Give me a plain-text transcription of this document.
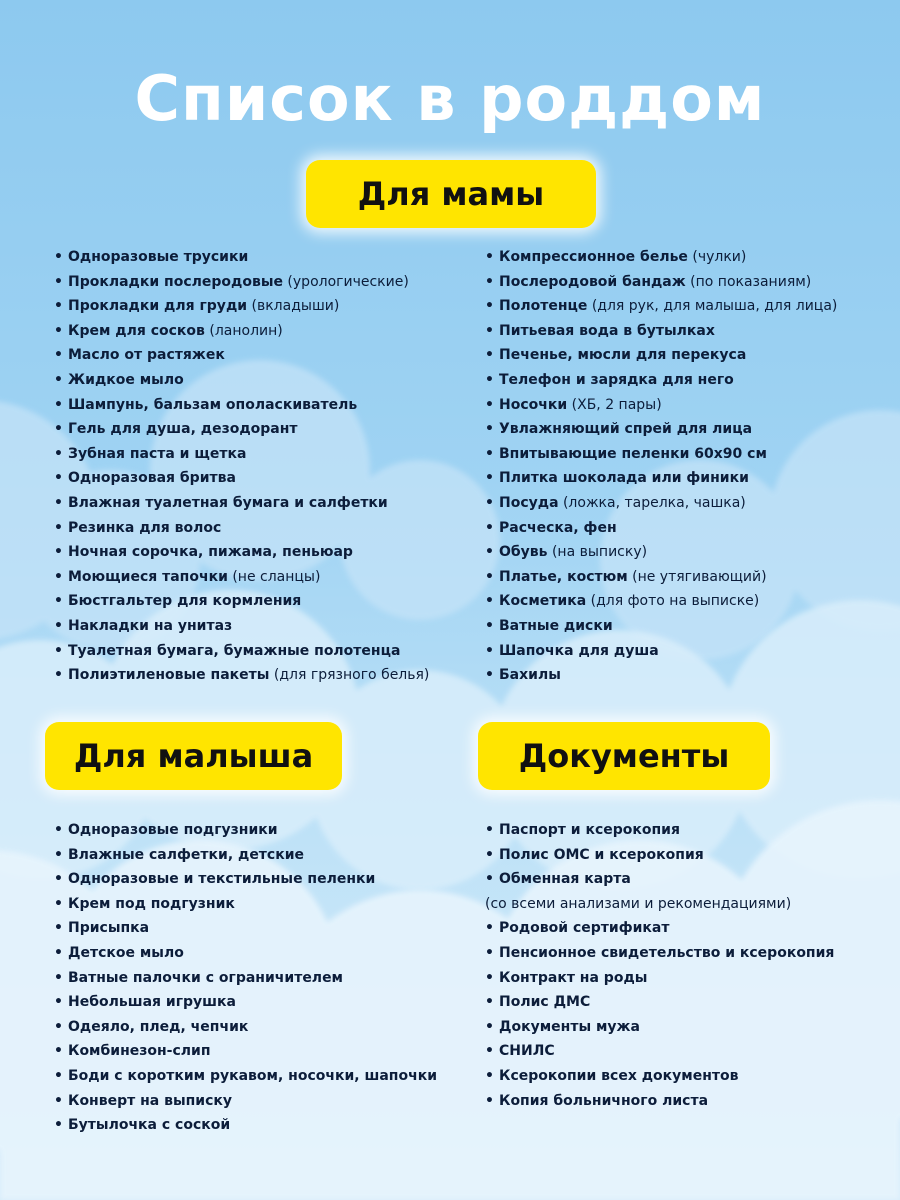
Список в роддом
Для мамы
Для малыша	Документы
• Одноразовые трусики
• Прокладки послеродовые (урологические)
• Прокладки для груди (вкладыши)
• Крем для сосков (ланолин)
• Масло от растяжек
• Жидкое мыло
• Шампунь, бальзам ополаскиватель
• Гель для душа, дезодорант
• Зубная паста и щетка
• Одноразовая бритва
• Влажная туалетная бумага и салфетки
• Резинка для волос
• Ночная сорочка, пижама, пеньюар
• Моющиеся тапочки (не сланцы)
• Бюстгальтер для кормления
• Накладки на унитаз
• Туалетная бумага, бумажные полотенца
• Полиэтиленовые пакеты (для грязного белья)
• Компрессионное белье (чулки)
• Послеродовой бандаж (по показаниям)
• Полотенце (для рук, для малыша, для лица)
• Питьевая вода в бутылках
• Печенье, мюсли для перекуса
• Телефон и зарядка для него
• Носочки (ХБ, 2 пары)
• Увлажняющий спрей для лица
• Впитывающие пеленки 60х90 см
• Плитка шоколада или финики
• Посуда (ложка, тарелка, чашка)
• Расческа, фен
• Обувь (на выписку)
• Платье, костюм (не утягивающий)
• Косметика (для фото на выписке)
• Ватные диски
• Шапочка для душа
• Бахилы
• Одноразовые подгузники
• Влажные салфетки, детские
• Одноразовые и текстильные пеленки
• Крем под подгузник
• Присыпка
• Детское мыло
• Ватные палочки с ограничителем
• Небольшая игрушка
• Одеяло, плед, чепчик
• Комбинезон-слип
• Боди с коротким рукавом, носочки, шапочки
• Конверт на выписку
• Бутылочка с соской
• Паспорт и ксерокопия
• Полис ОМС и ксерокопия
• Обменная карта
(со всеми анализами и рекомендациями)
• Родовой сертификат
• Пенсионное свидетельство и ксерокопия
• Контракт на роды
• Полис ДМС
• Документы мужа
• СНИЛС
• Ксерокопии всех документов
• Копия больничного листа
